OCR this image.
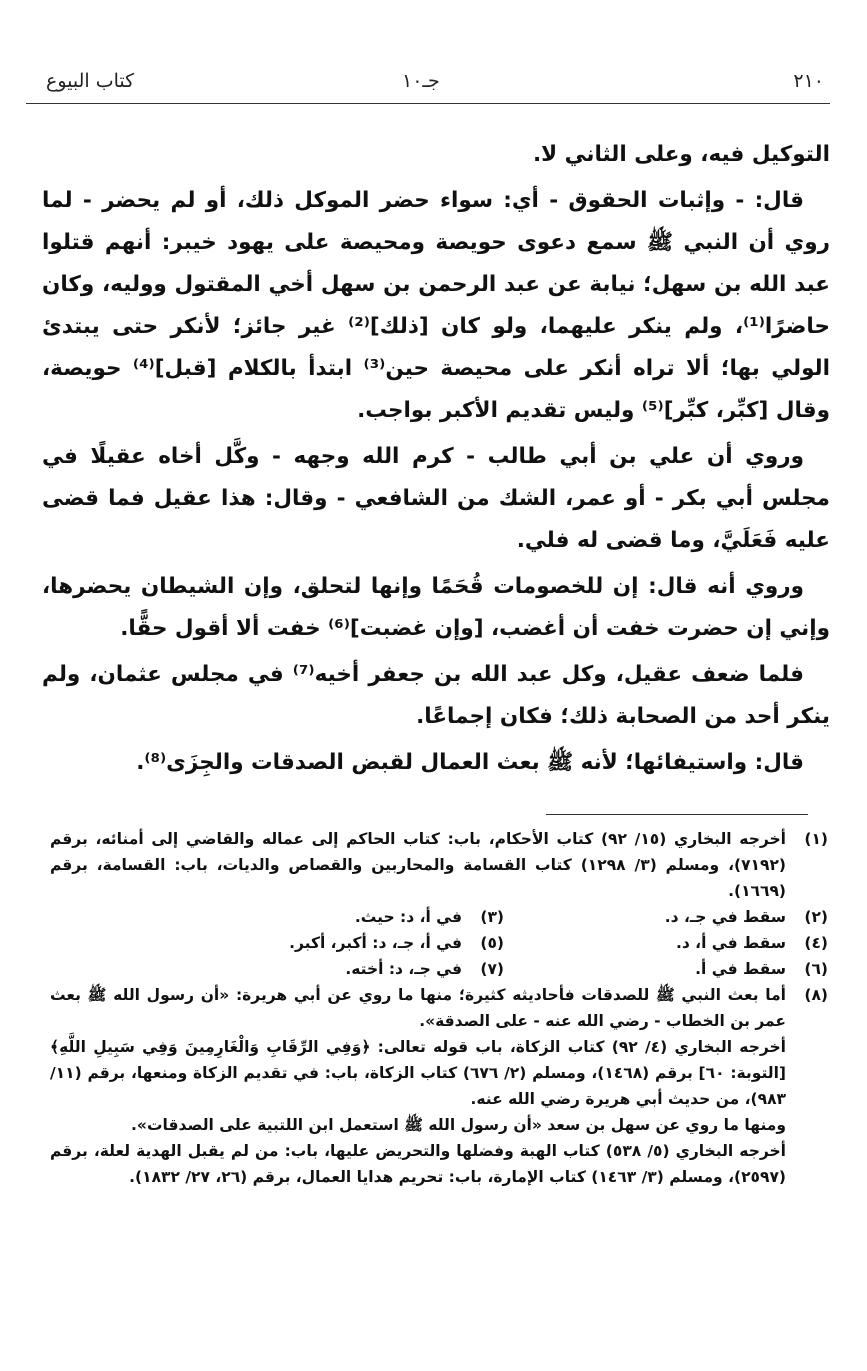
٢١٠
جـ١٠
كتاب البيوع

التوكيل فيه، وعلى الثاني لا.

قال: - وإثبات الحقوق - أي: سواء حضر الموكل ذلك، أو لم يحضر - لما روي أن النبي ﷺ سمع دعوى حويصة ومحيصة على يهود خيبر: أنهم قتلوا عبد الله بن سهل؛ نيابة عن عبد الرحمن بن سهل أخي المقتول ووليه، وكان حاضرًا⁽¹⁾، ولم ينكر عليهما، ولو كان [ذلك]⁽²⁾ غير جائز؛ لأنكر حتى يبتدئ الولي بها؛ ألا تراه أنكر على محيصة حين⁽³⁾ ابتدأ بالكلام [قبل]⁽⁴⁾ حويصة، وقال [كبِّر، كبِّر]⁽⁵⁾ وليس تقديم الأكبر بواجب.

وروي أن علي بن أبي طالب - كرم الله وجهه - وكَّل أخاه عقيلًا في مجلس أبي بكر - أو عمر، الشك من الشافعي - وقال: هذا عقيل فما قضى عليه فَعَلَيَّ، وما قضى له فلي.

وروي أنه قال: إن للخصومات قُحَمًا وإنها لتحلق، وإن الشيطان يحضرها، وإني إن حضرت خفت أن أغضب، [وإن غضبت]⁽⁶⁾ خفت ألا أقول حقًّا.

فلما ضعف عقيل، وكل عبد الله بن جعفر أخيه⁽⁷⁾ في مجلس عثمان، ولم ينكر أحد من الصحابة ذلك؛ فكان إجماعًا.

قال: واستيفائها؛ لأنه ﷺ بعث العمال لقبض الصدقات والجِزَى⁽⁸⁾.

(١)
أخرجه البخاري (١٥/ ٩٢) كتاب الأحكام، باب: كتاب الحاكم إلى عماله والقاضي إلى أمنائه، برقم (٧١٩٢)، ومسلم (٣/ ١٢٩٨) كتاب القسامة والمحاربين والقصاص والديات، باب: القسامة، برقم (١٦٦٩).
(٢)
سقط في جـ، د.
(٣)
في أ، د: حيث.
(٤)
سقط في أ، د.
(٥)
في أ، جـ، د: أكبر، أكبر.
(٦)
سقط في أ.
(٧)
في جـ، د: أخته.
(٨)

أما بعث النبي ﷺ للصدقات فأحاديثه كثيرة؛ منها ما روي عن أبي هريرة: «أن رسول الله ﷺ بعث عمر بن الخطاب - رضي الله عنه - على الصدقة».

أخرجه البخاري (٤/ ٩٢) كتاب الزكاة، باب قوله تعالى: ﴿وَفِي الرِّقَابِ وَالْغَارِمِينَ وَفِي سَبِيلِ اللَّهِ﴾ [التوبة: ٦٠] برقم (١٤٦٨)، ومسلم (٢/ ٦٧٦) كتاب الزكاة، باب: في تقديم الزكاة ومنعها، برقم (١١/ ٩٨٣)، من حديث أبي هريرة رضي الله عنه.

ومنها ما روي عن سهل بن سعد «أن رسول الله ﷺ استعمل ابن اللتبية على الصدقات».

أخرجه البخاري (٥/ ٥٣٨) كتاب الهبة وفضلها والتحريض عليها، باب: من لم يقبل الهدية لعلة، برقم (٢٥٩٧)، ومسلم (٣/ ١٤٦٣) كتاب الإمارة، باب: تحريم هدايا العمال، برقم (٢٦، ٢٧/ ١٨٣٢).
